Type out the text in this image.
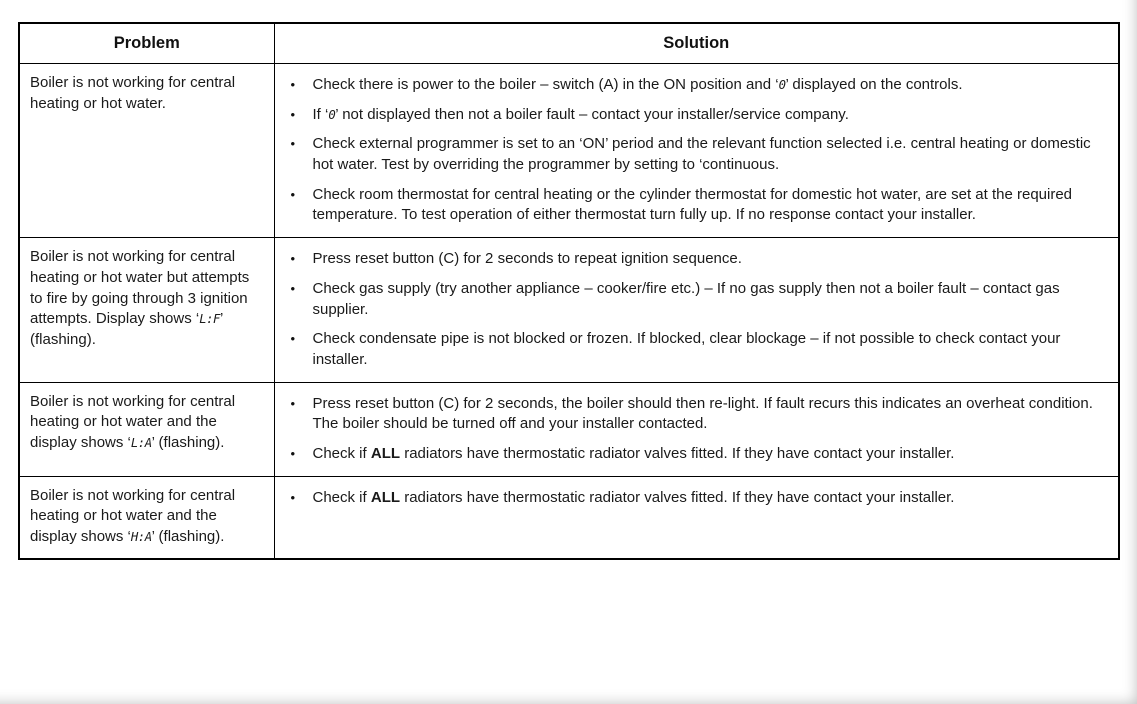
Problem	Solution
Boiler is not working for central heating or hot water.	
•	Check there is power to the boiler – switch (A) in the ON position and ‘0’ displayed on the controls.
•	If ‘0’ not displayed then not a boiler fault – contact your installer/service company.
•	Check external programmer is set to an ‘ON’ period and the relevant function selected i.e. central heating or domestic hot water. Test by overriding the programmer by setting to ‘continuous.
•	Check room thermostat for central heating or the cylinder thermostat for domestic hot water, are set at the required temperature. To test operation of either thermostat turn fully up. If no response contact your installer.

Boiler is not working for central heating or hot water but attempts to fire by going through 3 ignition attempts. Display shows ‘L:F’ (flashing).	
•	Press reset button (C) for 2 seconds to repeat ignition sequence.
•	Check gas supply (try another appliance – cooker/fire etc.) – If no gas supply then not a boiler fault – contact gas supplier.
•	Check condensate pipe is not blocked or frozen. If blocked, clear blockage – if not possible to check contact your installer.

Boiler is not working for central heating or hot water and the display shows ‘L:A’ (flashing).	• Press reset button (C) for 2 seconds, the boiler should then re-light. If fault recurs this indicates an overheat condition. The boiler should be turned off and your installer contacted.
• Check if ALL radiators have thermostatic radiator valves fitted. If they have contact your installer.

Boiler is not working for central heating or hot water and the display shows ‘H:A’ (flashing).	• Check if ALL radiators have thermostatic radiator valves fitted. If they have contact your installer.
